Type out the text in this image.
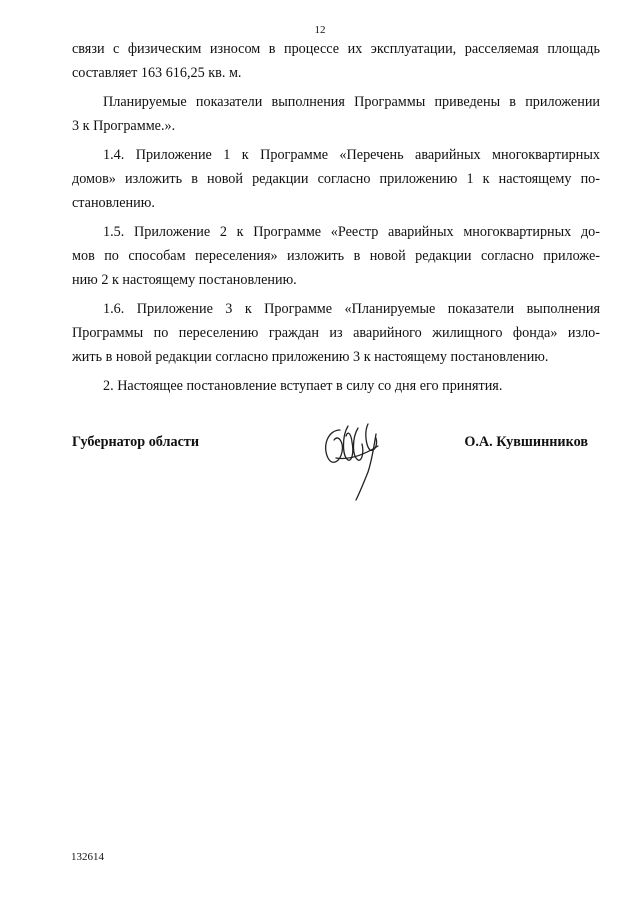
12
связи с физическим износом в процессе их эксплуатации, расселяемая площадь
составляет 163 616,25 кв. м.
Планируемые показатели выполнения Программы приведены в приложении
3 к Программе.».
1.4. Приложение 1 к Программе «Перечень аварийных многоквартирных
домов» изложить в новой редакции согласно приложению 1 к настоящему по-
становлению.
1.5. Приложение 2 к Программе «Реестр аварийных многоквартирных до-
мов по способам переселения» изложить в новой редакции согласно приложе-
нию 2 к настоящему постановлению.
1.6. Приложение 3 к Программе «Планируемые показатели выполнения
Программы по переселению граждан из аварийного жилищного фонда» изло-
жить в новой редакции согласно приложению 3 к настоящему постановлению.
2. Настоящее постановление вступает в силу со дня его принятия.
Губернатор области	О.А. Кувшинников
132614
